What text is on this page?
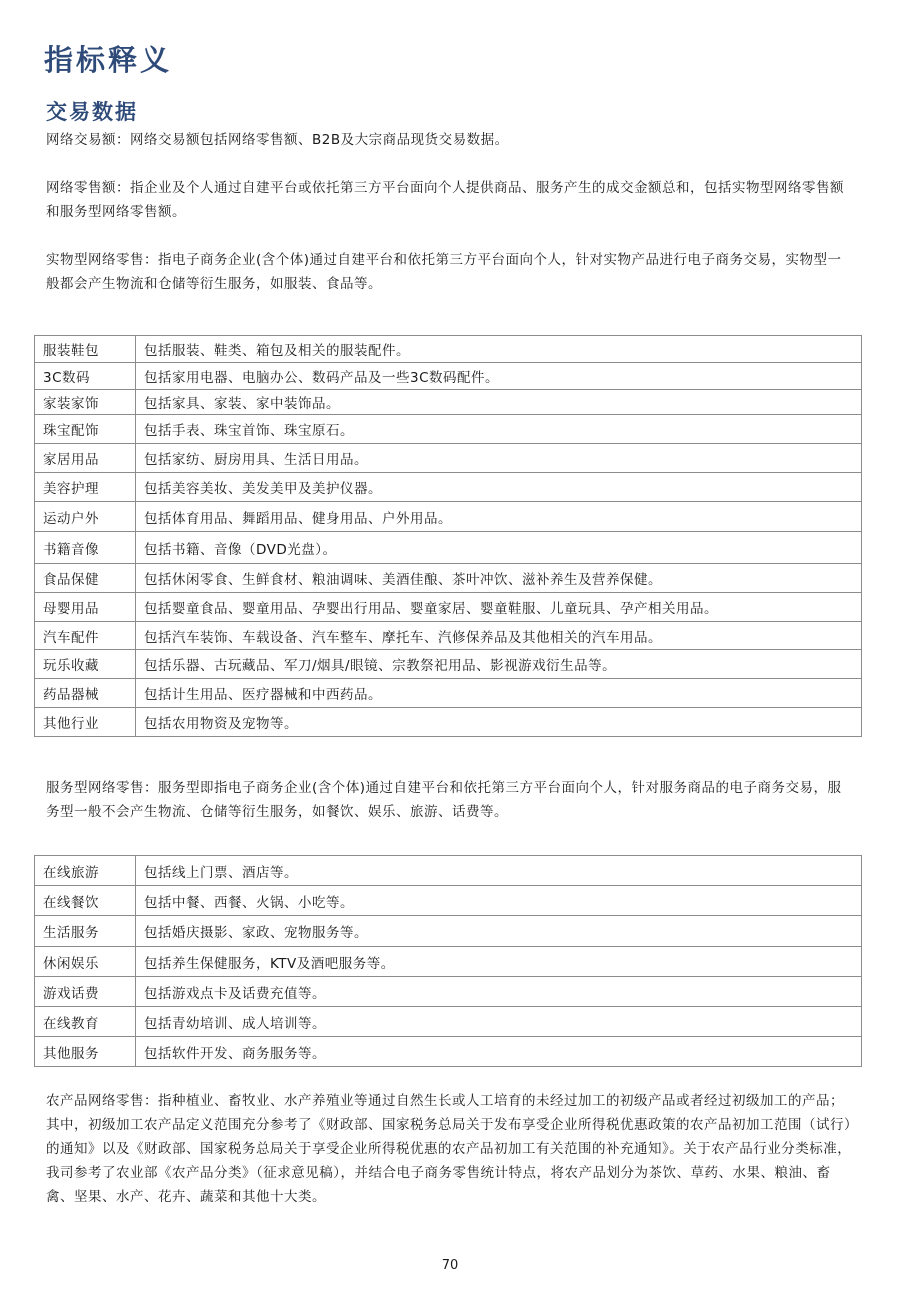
指标释义
交易数据

网络交易额：网络交易额包括网络零售额、B2B及大宗商品现货交易数据。

网络零售额：指企业及个人通过自建平台或依托第三方平台面向个人提供商品、服务产生的成交金额总和，包括实物型网络零售额和服务型网络零售额。

实物型网络零售：指电子商务企业(含个体)通过自建平台和依托第三方平台面向个人，针对实物产品进行电子商务交易，实物型一般都会产生物流和仓储等衍生服务，如服装、食品等。

服装鞋包	包括服装、鞋类、箱包及相关的服装配件。
3C数码	包括家用电器、电脑办公、数码产品及一些3C数码配件。
家装家饰	包括家具、家装、家中装饰品。
珠宝配饰	包括手表、珠宝首饰、珠宝原石。
家居用品	包括家纺、厨房用具、生活日用品。
美容护理	包括美容美妆、美发美甲及美护仪器。
运动户外	包括体育用品、舞蹈用品、健身用品、户外用品。
书籍音像	包括书籍、音像（DVD光盘）。
食品保健	包括休闲零食、生鲜食材、粮油调味、美酒佳酿、茶叶冲饮、滋补养生及营养保健。
母婴用品	包括婴童食品、婴童用品、孕婴出行用品、婴童家居、婴童鞋服、儿童玩具、孕产相关用品。
汽车配件	包括汽车装饰、车载设备、汽车整车、摩托车、汽修保养品及其他相关的汽车用品。
玩乐收藏	包括乐器、古玩藏品、军刀/烟具/眼镜、宗教祭祀用品、影视游戏衍生品等。
药品器械	包括计生用品、医疗器械和中西药品。
其他行业	包括农用物资及宠物等。

服务型网络零售：服务型即指电子商务企业(含个体)通过自建平台和依托第三方平台面向个人，针对服务商品的电子商务交易，服务型一般不会产生物流、仓储等衍生服务，如餐饮、娱乐、旅游、话费等。

在线旅游	包括线上门票、酒店等。
在线餐饮	包括中餐、西餐、火锅、小吃等。
生活服务	包括婚庆摄影、家政、宠物服务等。
休闲娱乐	包括养生保健服务，KTV及酒吧服务等。
游戏话费	包括游戏点卡及话费充值等。
在线教育	包括青幼培训、成人培训等。
其他服务	包括软件开发、商务服务等。

农产品网络零售：指种植业、畜牧业、水产养殖业等通过自然生长或人工培育的未经过加工的初级产品或者经过初级加工的产品；其中，初级加工农产品定义范围充分参考了《财政部、国家税务总局关于发布享受企业所得税优惠政策的农产品初加工范围（试行）的通知》以及《财政部、国家税务总局关于享受企业所得税优惠的农产品初加工有关范围的补充通知》。关于农产品行业分类标准，我司参考了农业部《农产品分类》（征求意见稿），并结合电子商务零售统计特点，将农产品划分为茶饮、草药、水果、粮油、畜禽、坚果、水产、花卉、蔬菜和其他十大类。

70
